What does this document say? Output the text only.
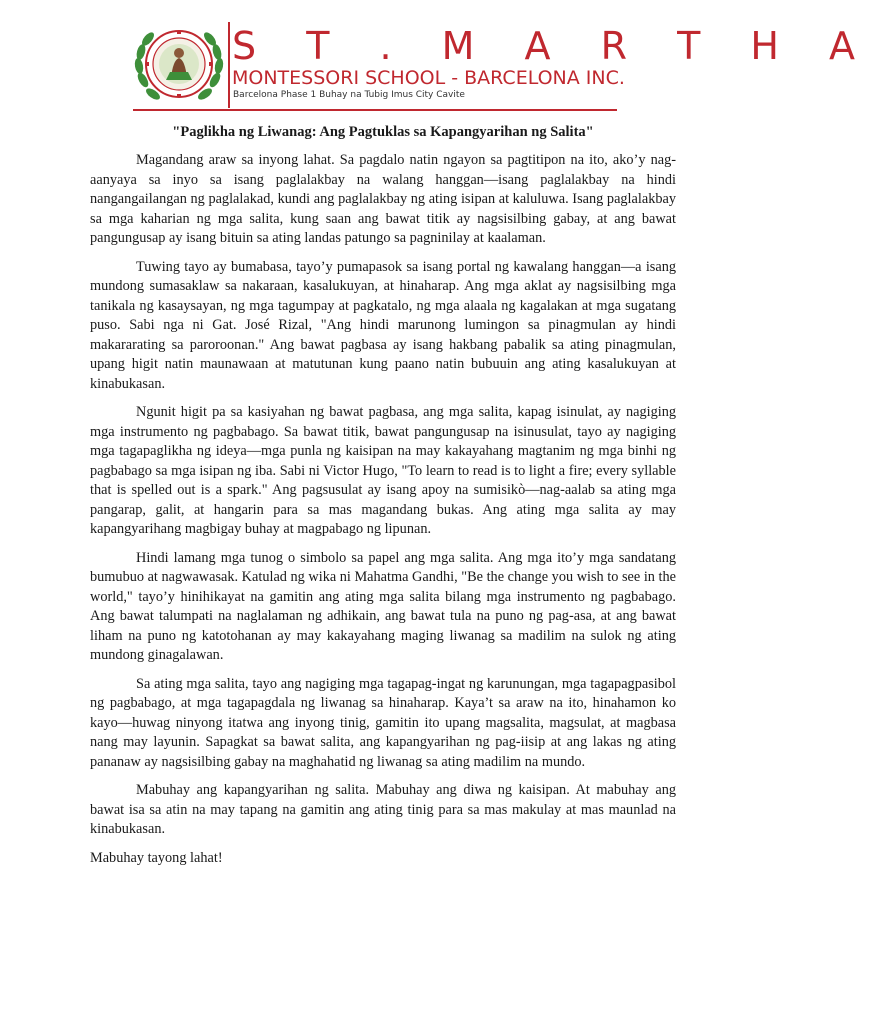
S T . M A R T H A
MONTESSORI SCHOOL - BARCELONA INC.
Barcelona Phase 1 Buhay na Tubig Imus City Cavite
"Paglikha ng Liwanag: Ang Pagtuklas sa Kapangyarihan ng Salita"

Magandang araw sa inyong lahat. Sa pagdalo natin ngayon sa pagtitipon na ito, ako’y nag-aanyaya sa inyo sa isang paglalakbay na walang hanggan—isang paglalakbay na hindi nangangailangan ng paglalakad, kundi ang paglalakbay ng ating isipan at kaluluwa. Isang paglalakbay sa mga kaharian ng mga salita, kung saan ang bawat titik ay nagsisilbing gabay, at ang bawat pangungusap ay isang bituin sa ating landas patungo sa pagninilay at kaalaman.

Tuwing tayo ay bumabasa, tayo’y pumapasok sa isang portal ng kawalang hanggan—a isang mundong sumasaklaw sa nakaraan, kasalukuyan, at hinaharap. Ang mga aklat ay nagsisilbing mga tanikala ng kasaysayan, ng mga tagumpay at pagkatalo, ng mga alaala ng kagalakan at mga sugatang puso. Sabi nga ni Gat. José Rizal, "Ang hindi marunong lumingon sa pinagmulan ay hindi makararating sa paroroonan." Ang bawat pagbasa ay isang hakbang pabalik sa ating pinagmulan, upang higit natin maunawaan at matutunan kung paano natin bubuuin ang ating kasalukuyan at kinabukasan.

Ngunit higit pa sa kasiyahan ng bawat pagbasa, ang mga salita, kapag isinulat, ay nagiging mga instrumento ng pagbabago. Sa bawat titik, bawat pangungusap na isinusulat, tayo ay nagiging mga tagapaglikha ng ideya—mga punla ng kaisipan na may kakayahang magtanim ng mga binhi ng pagbabago sa mga isipan ng iba. Sabi ni Victor Hugo, "To learn to read is to light a fire; every syllable that is spelled out is a spark." Ang pagsusulat ay isang apoy na sumisikò—nag-aalab sa ating mga pangarap, galit, at hangarin para sa mas magandang bukas. Ang ating mga salita ay may kapangyarihang magbigay buhay at magpabago ng lipunan.

Hindi lamang mga tunog o simbolo sa papel ang mga salita. Ang mga ito’y mga sandatang bumubuo at nagwawasak. Katulad ng wika ni Mahatma Gandhi, "Be the change you wish to see in the world," tayo’y hinihikayat na gamitin ang ating mga salita bilang mga instrumento ng pagbabago. Ang bawat talumpati na naglalaman ng adhikain, ang bawat tula na puno ng pag-asa, at ang bawat liham na puno ng katotohanan ay may kakayahang maging liwanag sa madilim na sulok ng ating mundong ginagalawan.

Sa ating mga salita, tayo ang nagiging mga tagapag-ingat ng karunungan, mga tagapagpasibol ng pagbabago, at mga tagapagdala ng liwanag sa hinaharap. Kaya’t sa araw na ito, hinahamon ko kayo—huwag ninyong itatwa ang inyong tinig, gamitin ito upang magsalita, magsulat, at magbasa nang may layunin. Sapagkat sa bawat salita, ang kapangyarihan ng pag-iisip at ang lakas ng ating pananaw ay nagsisilbing gabay na maghahatid ng liwanag sa ating madilim na mundo.

Mabuhay ang kapangyarihan ng salita. Mabuhay ang diwa ng kaisipan. At mabuhay ang bawat isa sa atin na may tapang na gamitin ang ating tinig para sa mas makulay at mas maunlad na kinabukasan.

Mabuhay tayong lahat!
